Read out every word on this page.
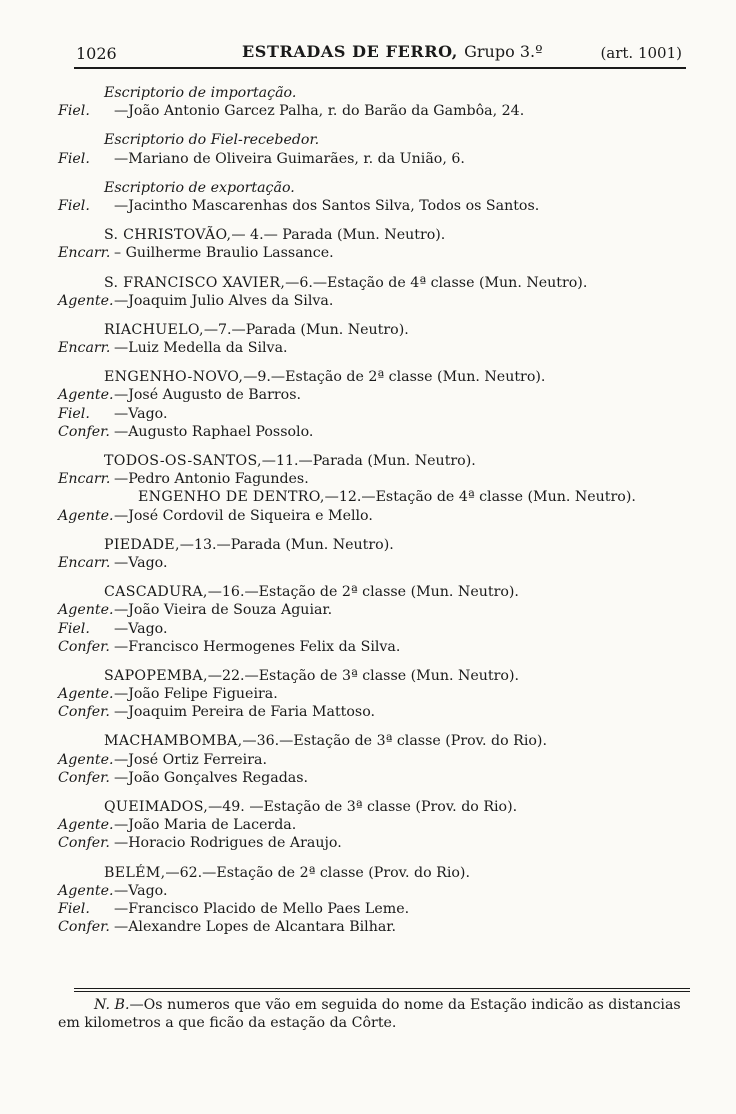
1026	ESTRADAS DE FERRO, Grupo 3.º	(art. 1001)
Escriptorio de importação.
Fiel. —João Antonio Garcez Palha, r. do Barão da Gambôa, 24.
Escriptorio do Fiel-recebedor.
Fiel. —Mariano de Oliveira Guimarães, r. da União, 6.
Escriptorio de exportação.
Fiel. —Jacintho Mascarenhas dos Santos Silva, Todos os Santos.
S. CHRISTOVÃO,— 4.— Parada (Mun. Neutro).
Encarr. – Guilherme Braulio Lassance.
S. FRANCISCO XAVIER,—6.—Estação de 4ª classe (Mun. Neutro).
Agente.—Joaquim Julio Alves da Silva.
RIACHUELO,—7.—Parada (Mun. Neutro).
Encarr. —Luiz Medella da Silva.
ENGENHO-NOVO,—9.—Estação de 2ª classe (Mun. Neutro).
Agente.—José Augusto de Barros.
Fiel. —Vago.
Confer. —Augusto Raphael Possolo.
TODOS-OS-SANTOS,—11.—Parada (Mun. Neutro).
Encarr. —Pedro Antonio Fagundes.
ENGENHO DE DENTRO,—12.—Estação de 4ª classe (Mun. Neutro).
Agente.—José Cordovil de Siqueira e Mello.
PIEDADE,—13.—Parada (Mun. Neutro).
Encarr. —Vago.
CASCADURA,—16.—Estação de 2ª classe (Mun. Neutro).
Agente.—João Vieira de Souza Aguiar.
Fiel. —Vago.
Confer. —Francisco Hermogenes Felix da Silva.
SAPOPEMBA,—22.—Estação de 3ª classe (Mun. Neutro).
Agente.—João Felipe Figueira.
Confer. —Joaquim Pereira de Faria Mattoso.
MACHAMBOMBA,—36.—Estação de 3ª classe (Prov. do Rio).
Agente.—José Ortiz Ferreira.
Confer. —João Gonçalves Regadas.
QUEIMADOS,—49. —Estação de 3ª classe (Prov. do Rio).
Agente.—João Maria de Lacerda.
Confer. —Horacio Rodrigues de Araujo.
BELÉM,—62.—Estação de 2ª classe (Prov. do Rio).
Agente.—Vago.
Fiel. —Francisco Placido de Mello Paes Leme.
Confer. —Alexandre Lopes de Alcantara Bilhar.
N. B.—Os numeros que vão em seguida do nome da Estação indicão as distancias
em kilometros a que ficão da estação da Côrte.
